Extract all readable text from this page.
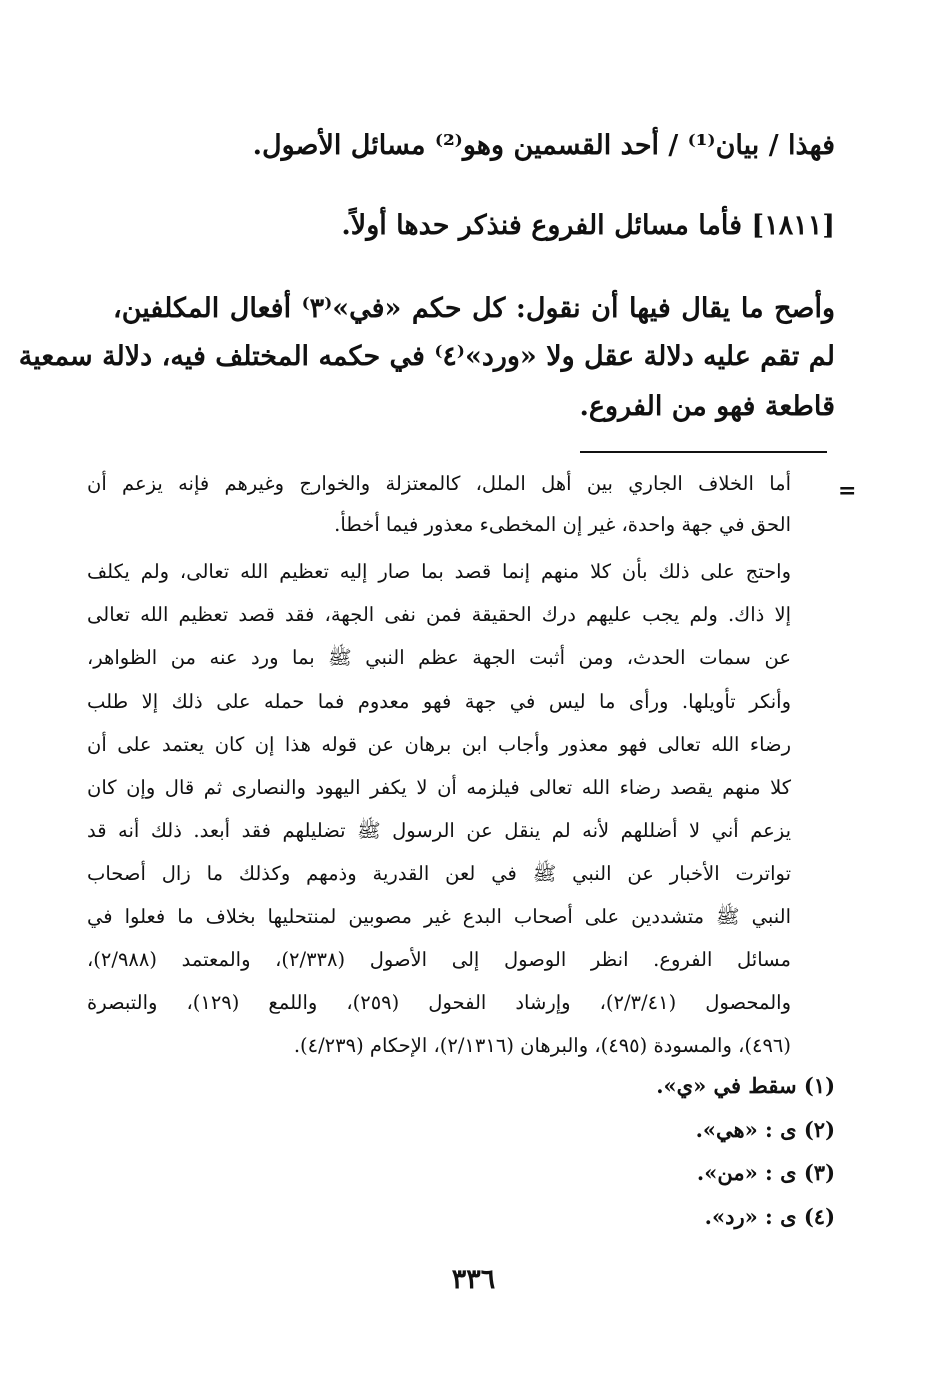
فهذا / بيان⁽¹⁾ / أحد القسمين وهو⁽²⁾ مسائل الأصول.
[١٨١١] فأما مسائل الفروع فنذكر حدها أولاً.
وأصح ما يقال فيها أن نقول: كل حكم «في»⁽٣⁾ أفعال المكلفين،
لم تقم عليه دلالة عقل ولا «ورد»⁽٤⁾ في حكمه المختلف فيه، دلالة سمعية
قاطعة فهو من الفروع.
=
أما الخلاف الجاري بين أهل الملل، كالمعتزلة والخوارج وغيرهم فإنه يزعم أن
الحق في جهة واحدة، غير إن المخطىء معذور فيما أخطأ.
واحتج على ذلك بأن كلا منهم إنما قصد بما صار إليه تعظيم الله تعالى، ولم يكلف
إلا ذاك. ولم يجب عليهم درك الحقيقة فمن نفى الجهة، فقد قصد تعظيم الله تعالى
عن سمات الحدث، ومن أثبت الجهة عظم النبي ﷺ بما ورد عنه من الظواهر،
وأنكر تأويلها. ورأى ما ليس في جهة فهو معدوم فما حمله على ذلك إلا طلب
رضاء الله تعالى فهو معذور وأجاب ابن برهان عن قوله هذا إن كان يعتمد على أن
كلا منهم يقصد رضاء الله تعالى فيلزمه أن لا يكفر اليهود والنصارى ثم قال وإن كان
يزعم أني لا أضللهم لأنه لم ينقل عن الرسول ﷺ تضليلهم فقد أبعد. ذلك أنه قد
تواترت الأخبار عن النبي ﷺ في لعن القدرية وذمهم وكذلك ما زال أصحاب
النبي ﷺ متشددين على أصحاب البدع غير مصوبين لمنتحليها بخلاف ما فعلوا في
مسائل الفروع. انظر الوصول إلى الأصول (٢/٣٣٨)، والمعتمد (٢/٩٨٨)،
والمحصول (٢/٣/٤١)، وإرشاد الفحول (٢٥٩)، واللمع (١٢٩)، والتبصرة
(٤٩٦)، والمسودة (٤٩٥)، والبرهان (٢/١٣١٦)، الإحكام (٤/٢٣٩).
(١) سقط في «ي».
(٢) ى : «هي».
(٣) ى : «من».
(٤) ى : «رد».
٣٣٦
